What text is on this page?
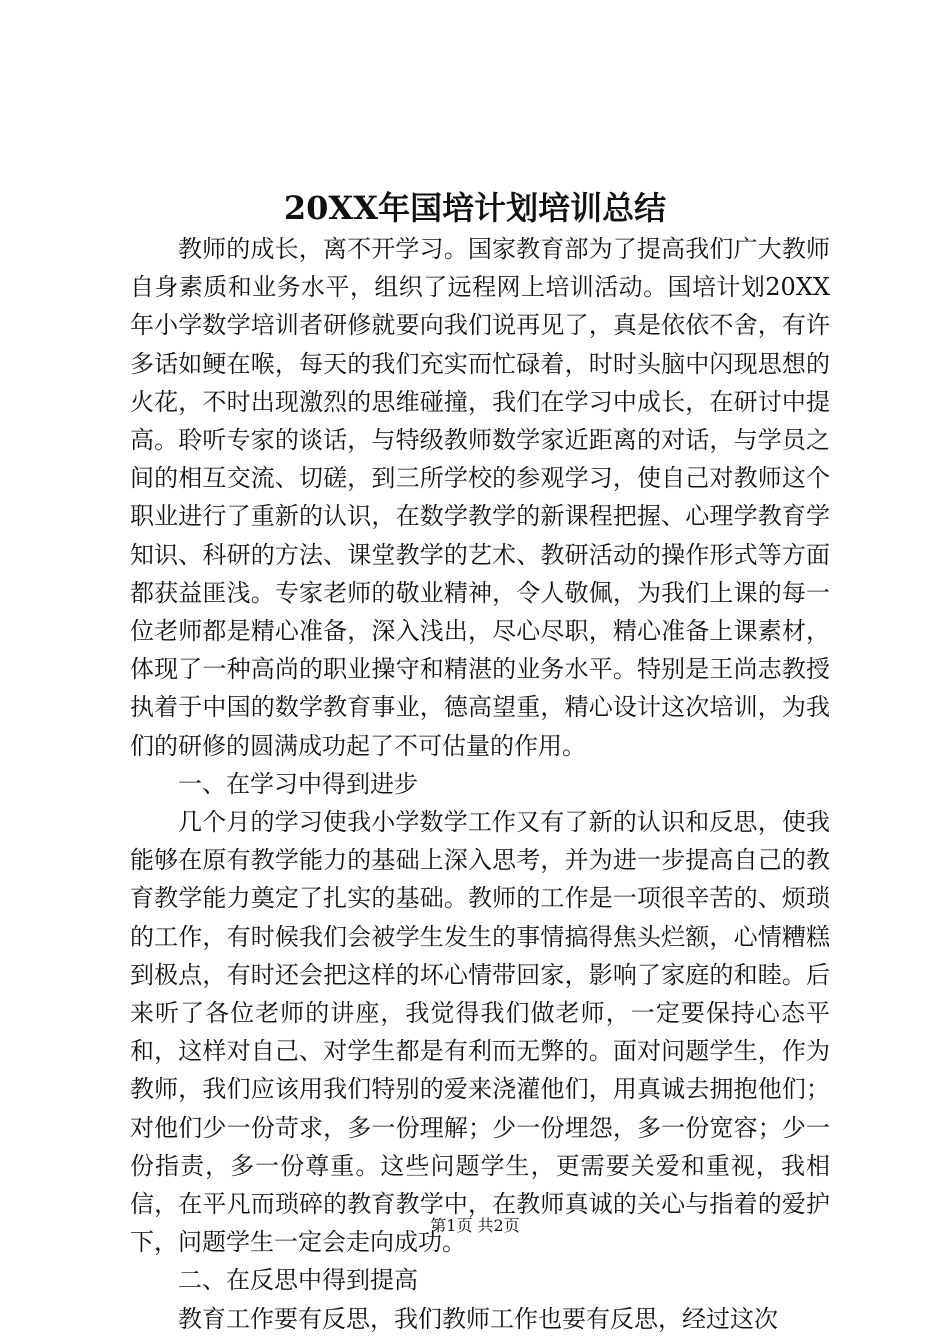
20XX年国培计划培训总结

教师的成长，离不开学习。国家教育部为了提高我们广大教师自身素质和业务水平，组织了远程网上培训活动。国培计划20XX年小学数学培训者研修就要向我们说再见了，真是依依不舍，有许多话如鲠在喉，每天的我们充实而忙碌着，时时头脑中闪现思想的火花，不时出现激烈的思维碰撞，我们在学习中成长，在研讨中提高。聆听专家的谈话，与特级教师数学家近距离的对话，与学员之间的相互交流、切磋，到三所学校的参观学习，使自己对教师这个职业进行了重新的认识，在数学教学的新课程把握、心理学教育学知识、科研的方法、课堂教学的艺术、教研活动的操作形式等方面都获益匪浅。专家老师的敬业精神，令人敬佩，为我们上课的每一位老师都是精心准备，深入浅出，尽心尽职，精心准备上课素材，体现了一种高尚的职业操守和精湛的业务水平。特别是王尚志教授执着于中国的数学教育事业，德高望重，精心设计这次培训，为我们的研修的圆满成功起了不可估量的作用。

一、在学习中得到进步

几个月的学习使我小学数学工作又有了新的认识和反思，使我能够在原有教学能力的基础上深入思考，并为进一步提高自己的教育教学能力奠定了扎实的基础。教师的工作是一项很辛苦的、烦琐的工作，有时候我们会被学生发生的事情搞得焦头烂额，心情糟糕到极点，有时还会把这样的坏心情带回家，影响了家庭的和睦。后来听了各位老师的讲座，我觉得我们做老师，一定要保持心态平和，这样对自己、对学生都是有利而无弊的。面对问题学生，作为教师，我们应该用我们特别的爱来浇灌他们，用真诚去拥抱他们；对他们少一份苛求，多一份理解；少一份埋怨，多一份宽容；少一份指责，多一份尊重。这些问题学生，更需要关爱和重视，我相信，在平凡而琐碎的教育教学中，在教师真诚的关心与指着的爱护下，问题学生一定会走向成功。

二、在反思中得到提高

教育工作要有反思，我们教师工作也要有反思，经过这次

第1页 共2页
